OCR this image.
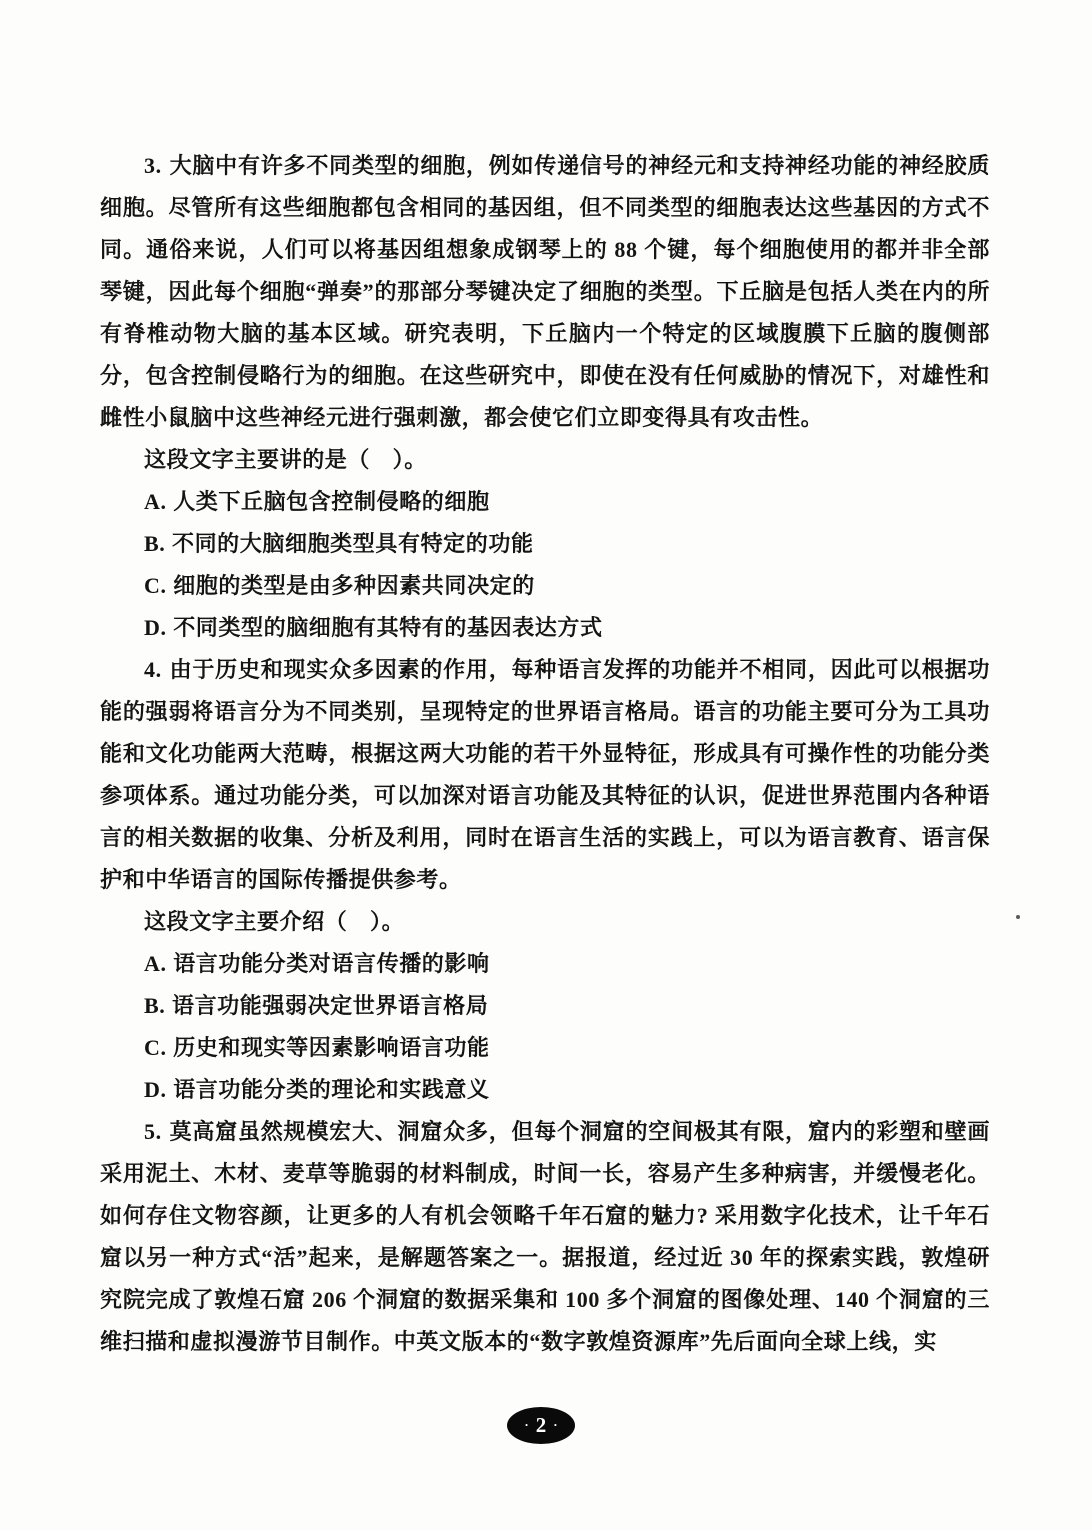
3. 大脑中有许多不同类型的细胞，例如传递信号的神经元和支持神经功能的神经胶质细胞。尽管所有这些细胞都包含相同的基因组，但不同类型的细胞表达这些基因的方式不同。通俗来说，人们可以将基因组想象成钢琴上的 88 个键，每个细胞使用的都并非全部琴键，因此每个细胞“弹奏”的那部分琴键决定了细胞的类型。下丘脑是包括人类在内的所有脊椎动物大脑的基本区域。研究表明，下丘脑内一个特定的区域腹膜下丘脑的腹侧部分，包含控制侵略行为的细胞。在这些研究中，即使在没有任何威胁的情况下，对雄性和雌性小鼠脑中这些神经元进行强刺激，都会使它们立即变得具有攻击性。

这段文字主要讲的是（　）。

A. 人类下丘脑包含控制侵略的细胞

B. 不同的大脑细胞类型具有特定的功能

C. 细胞的类型是由多种因素共同决定的

D. 不同类型的脑细胞有其特有的基因表达方式

4. 由于历史和现实众多因素的作用，每种语言发挥的功能并不相同，因此可以根据功能的强弱将语言分为不同类别，呈现特定的世界语言格局。语言的功能主要可分为工具功能和文化功能两大范畴，根据这两大功能的若干外显特征，形成具有可操作性的功能分类参项体系。通过功能分类，可以加深对语言功能及其特征的认识，促进世界范围内各种语言的相关数据的收集、分析及利用，同时在语言生活的实践上，可以为语言教育、语言保护和中华语言的国际传播提供参考。

这段文字主要介绍（　）。

A. 语言功能分类对语言传播的影响

B. 语言功能强弱决定世界语言格局

C. 历史和现实等因素影响语言功能

D. 语言功能分类的理论和实践意义

5. 莫高窟虽然规模宏大、洞窟众多，但每个洞窟的空间极其有限，窟内的彩塑和壁画采用泥土、木材、麦草等脆弱的材料制成，时间一长，容易产生多种病害，并缓慢老化。如何存住文物容颜，让更多的人有机会领略千年石窟的魅力? 采用数字化技术，让千年石窟以另一种方式“活”起来，是解题答案之一。据报道，经过近 30 年的探索实践，敦煌研究院完成了敦煌石窟 206 个洞窟的数据采集和 100 多个洞窟的图像处理、140 个洞窟的三维扫描和虚拟漫游节目制作。中英文版本的“数字敦煌资源库”先后面向全球上线，实

· 2 ·
